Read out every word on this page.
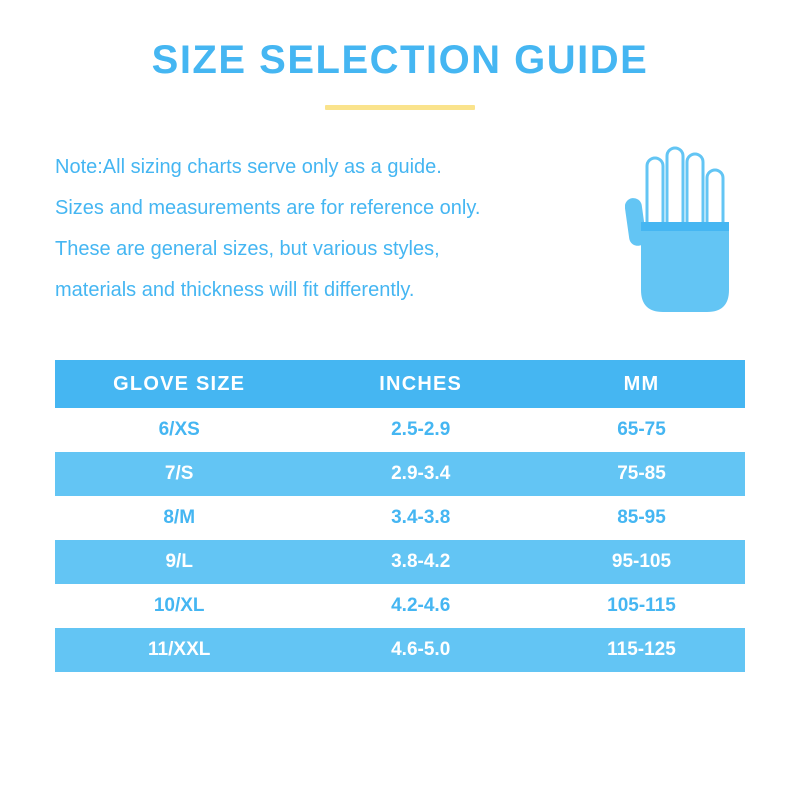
SIZE SELECTION GUIDE

Note:All sizing charts serve only as a guide.

Sizes and measurements are for reference only.

These are general sizes, but various styles,

materials and thickness will fit differently.

GLOVE SIZE	INCHES	MM
6/XS	2.5-2.9	65-75
7/S	2.9-3.4	75-85
8/M	3.4-3.8	85-95
9/L	3.8-4.2	95-105
10/XL	4.2-4.6	105-115
11/XXL	4.6-5.0	115-125
